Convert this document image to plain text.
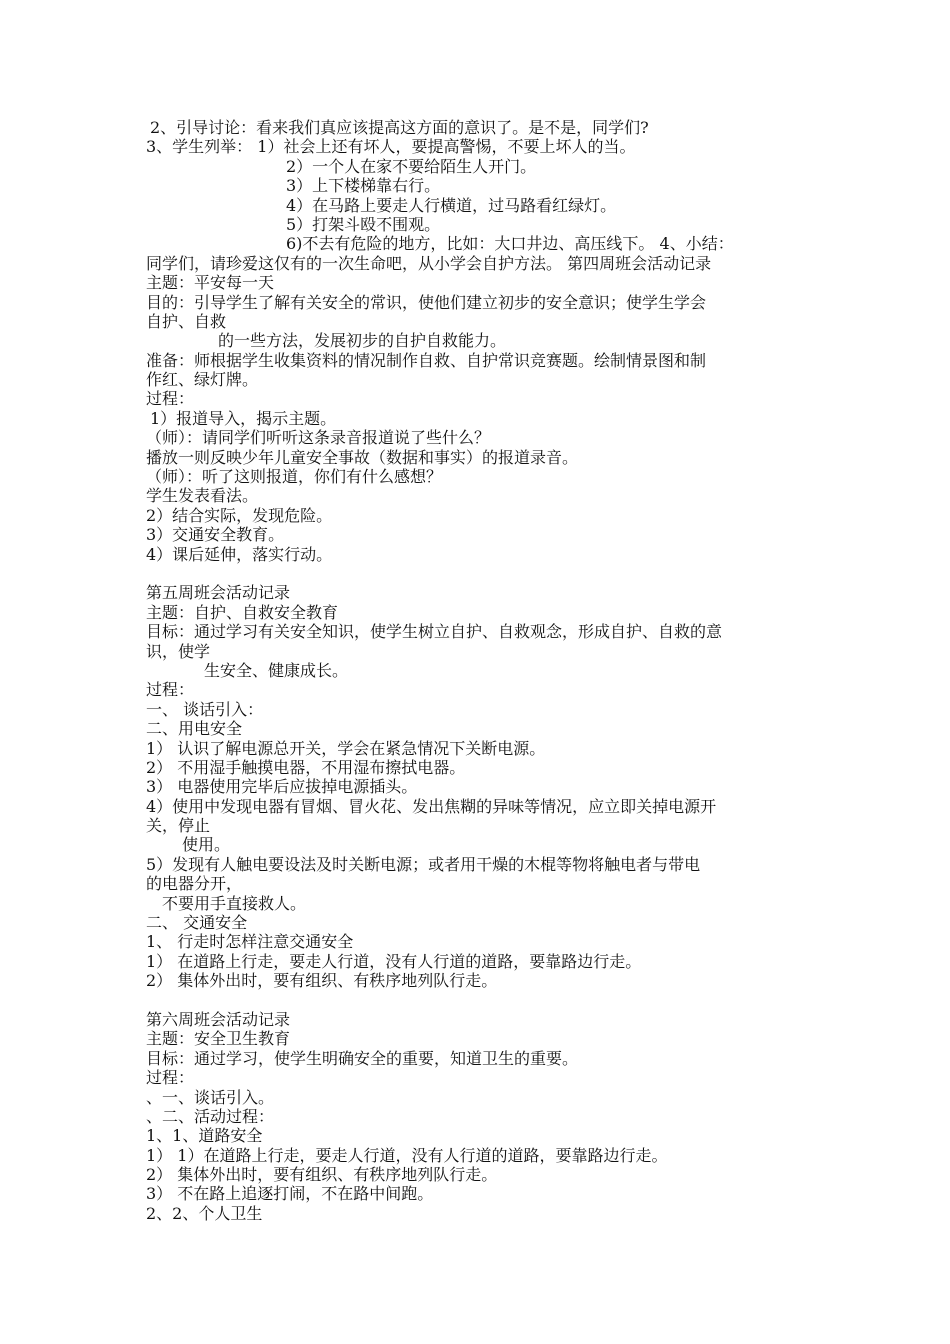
2、引导讨论：看来我们真应该提高这方面的意识了。是不是，同学们?
3、学生列举： 1）社会上还有坏人，要提高警惕，不要上坏人的当。
2）一个人在家不要给陌生人开门。
3）上下楼梯靠右行。
4）在马路上要走人行横道，过马路看红绿灯。
5）打架斗殴不围观。
6)不去有危险的地方，比如：大口井边、高压线下。 4、小结：
同学们，请珍爱这仅有的一次生命吧，从小学会自护方法。 第四周班会活动记录
主题：平安每一天
目的：引导学生了解有关安全的常识，使他们建立初步的安全意识；使学生学会
自护、自救
的一些方法，发展初步的自护自救能力。
准备：师根据学生收集资料的情况制作自救、自护常识竞赛题。绘制情景图和制
作红、绿灯牌。
过程：
1）报道导入，揭示主题。
（师）：请同学们听听这条录音报道说了些什么？
播放一则反映少年儿童安全事故（数据和事实）的报道录音。
（师）：听了这则报道，你们有什么感想？
学生发表看法。
2）结合实际，发现危险。
3）交通安全教育。
4）课后延伸，落实行动。
第五周班会活动记录
主题：自护、自救安全教育
目标：通过学习有关安全知识，使学生树立自护、自救观念，形成自护、自救的意
识，使学
生安全、健康成长。
过程：
一、 谈话引入：
二、用电安全
1） 认识了解电源总开关，学会在紧急情况下关断电源。
2） 不用湿手触摸电器，不用湿布擦拭电器。
3） 电器使用完毕后应拔掉电源插头。
4）使用中发现电器有冒烟、冒火花、发出焦糊的异味等情况，应立即关掉电源开
关，停止
使用。
5）发现有人触电要设法及时关断电源；或者用干燥的木棍等物将触电者与带电
的电器分开，
不要用手直接救人。
二、 交通安全
1、 行走时怎样注意交通安全
1） 在道路上行走，要走人行道，没有人行道的道路，要靠路边行走。
2） 集体外出时，要有组织、有秩序地列队行走。
第六周班会活动记录
主题：安全卫生教育
目标：通过学习，使学生明确安全的重要，知道卫生的重要。
过程：
、一、谈话引入。
、二、活动过程：
1、1、道路安全
1） 1）在道路上行走，要走人行道，没有人行道的道路，要靠路边行走。
2） 集体外出时，要有组织、有秩序地列队行走。
3） 不在路上追逐打闹，不在路中间跑。
2、2、个人卫生
